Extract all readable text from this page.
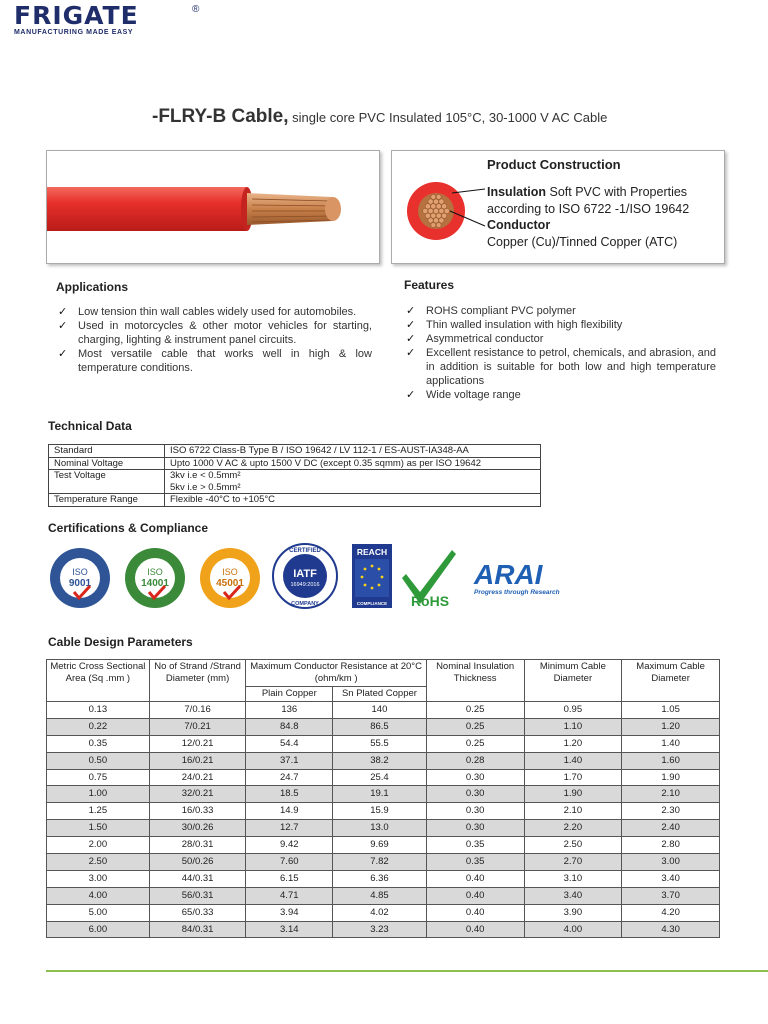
FRIGATE	®
MANUFACTURING MADE EASY
-FLRY-B Cable, single core PVC Insulated 105°C, 30-1000 V AC Cable
Product Construction
Insulation Soft PVC with Properties according to ISO 6722 -1/ISO 19642
Conductor
Copper (Cu)/Tinned Copper (ATC)
Applications
✓ Low tension thin wall cables widely used for automobiles.
✓ Used in motorcycles & other motor vehicles for starting, charging, lighting & instrument panel circuits.
✓ Most versatile cable that works well in high & low temperature conditions.
Features
✓ ROHS compliant PVC polymer
✓ Thin walled insulation with high flexibility
✓ Asymmetrical conductor
✓ Excellent resistance to petrol, chemicals, and abrasion, and in addition is suitable for both low and high temperature applications
✓ Wide voltage range
Technical Data
Standard	ISO 6722 Class-B Type B / ISO 19642 / LV 112-1 / ES-AUST-IA348-AA
Nominal Voltage	Upto 1000 V AC & upto 1500 V DC (except 0.35 sqmm) as per ISO 19642
Test Voltage	3kv i.e < 0.5mm²
5kv i.e > 0.5mm²
Temperature Range	Flexible -40°C to +105°C
Certifications & Compliance
ISO
9001
ISO
14001
ISO
45001
CERTIFIED
IATF
16949:2016
COMPANY
REACH
COMPLIANCE RoHS
ARAI
Progress through Research
Cable Design Parameters
Metric Cross Sectional Area (Sq .mm )	No of Strand /Strand Diameter (mm)	Maximum Conductor Resistance at 20°C (ohm/km )		Nominal Insulation Thickness	Minimum Cable Diameter	Maximum Cable Diameter
		Plain Copper	Sn Plated Copper			
0.13	7/0.16	136	140	0.25	0.95	1.05
0.22	7/0.21	84.8	86.5	0.25	1.10	1.20
0.35	12/0.21	54.4	55.5	0.25	1.20	1.40
0.50	16/0.21	37.1	38.2	0.28	1.40	1.60
0.75	24/0.21	24.7	25.4	0.30	1.70	1.90
1.00	32/0.21	18.5	19.1	0.30	1.90	2.10
1.25	16/0.33	14.9	15.9	0.30	2.10	2.30
1.50	30/0.26	12.7	13.0	0.30	2.20	2.40
2.00	28/0.31	9.42	9.69	0.35	2.50	2.80
2.50	50/0.26	7.60	7.82	0.35	2.70	3.00
3.00	44/0.31	6.15	6.36	0.40	3.10	3.40
4.00	56/0.31	4.71	4.85	0.40	3.40	3.70
5.00	65/0.33	3.94	4.02	0.40	3.90	4.20
6.00	84/0.31	3.14	3.23	0.40	4.00	4.30
